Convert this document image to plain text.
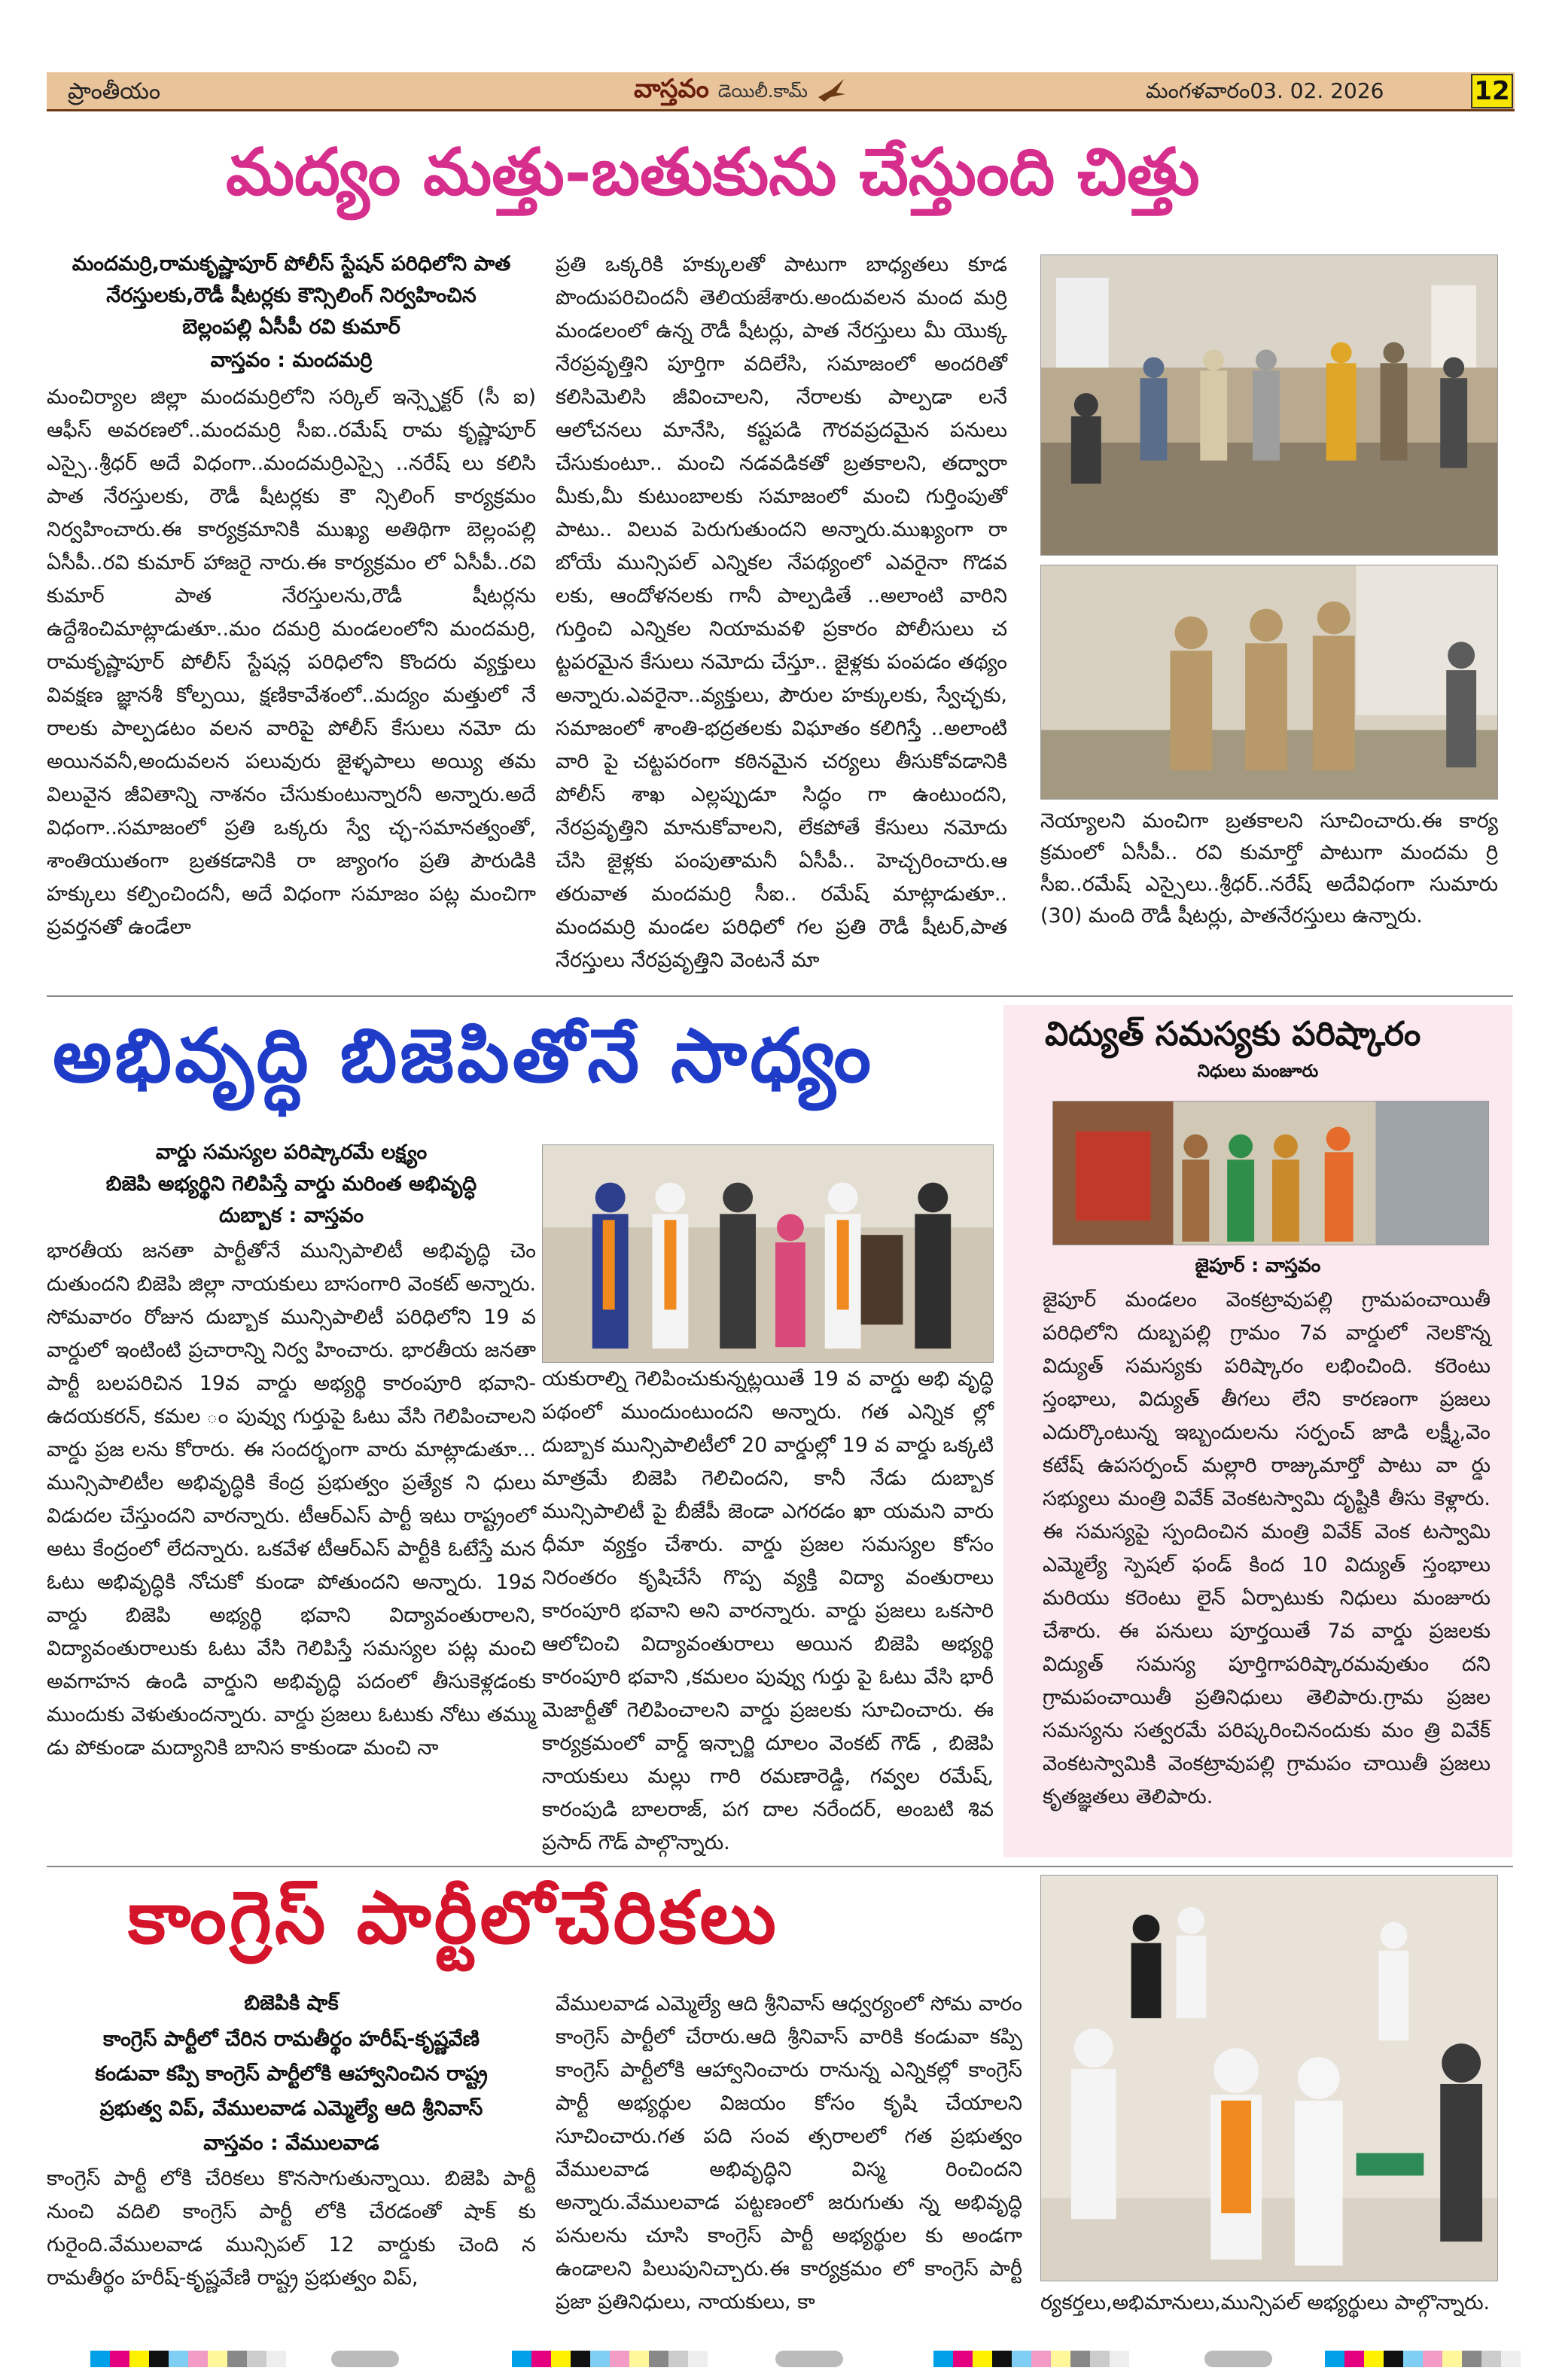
ప్రాంతీయం	వాస్తవం డెయిలీ.కామ్	మంగళవారం03. 02. 2026	12
మద్యం మత్తు-బతుకును చేస్తుంది చిత్తు
మందమర్రి,రామకృష్ణాపూర్ పోలీస్ స్టేషన్ పరిధిలోని పాత
నేరస్తులకు,రౌడీ షీటర్లకు కౌన్సిలింగ్ నిర్వహించిన
బెల్లంపల్లి ఏసీపీ రవి కుమార్
వాస్తవం : మందమర్రి

మంచిర్యాల జిల్లా మందమర్రిలోని సర్కిల్ ఇన్స్పెక్టర్ (సీ ఐ) ఆఫీస్ అవరణలో..మందమర్రి సీఐ..రమేష్ రామ కృష్ణాపూర్ ఎస్సై..శ్రీధర్ అదే విధంగా..మందమర్రిఎస్సై ..నరేష్ లు కలిసి పాత నేరస్తులకు, రౌడీ షీటర్లకు కౌ న్సిలింగ్ కార్యక్రమం నిర్వహించారు.ఈ కార్యక్రమానికి ముఖ్య అతిథిగా బెల్లంపల్లి ఏసీపీ..రవి కుమార్ హాజరై నారు.ఈ కార్యక్రమం లో ఏసీపీ..రవి కుమార్ పాత నేరస్తులను,రౌడీ షీటర్లను ఉద్దేశించిమాట్లాడుతూ..మం దమర్రి మండలంలోని మందమర్రి, రామకృష్ణాపూర్ పోలీస్ స్టేషన్ల పరిధిలోని కొందరు వ్యక్తులు వివక్షణ జ్ఞానశీ కోల్పయి, క్షణికావేశంలో..మద్యం మత్తులో నే రాలకు పాల్పడటం వలన వారిపై పోలీస్ కేసులు నమో దు అయినవనీ,అందువలన పలువురు జైళ్ళపాలు అయ్యి తమ విలువైన జీవితాన్ని నాశనం చేసుకుంటున్నారనీ అన్నారు.అదే విధంగా..సమాజంలో ప్రతి ఒక్కరు స్వే చ్ఛ-సమానత్వంతో, శాంతియుతంగా బ్రతకడానికి రా జ్యాంగం ప్రతి పౌరుడికి హక్కులు కల్పించిందనీ, అదే విధంగా సమాజం పట్ల మంచిగా ప్రవర్తనతో ఉండేలా

ప్రతి ఒక్కరికి హక్కులతో పాటుగా బాధ్యతలు కూడ పొందుపరిచిందనీ తెలియజేశారు.అందువలన మంద మర్రి మండలంలో ఉన్న రౌడీ షీటర్లు, పాత నేరస్తులు మీ యొక్క నేరప్రవృత్తిని పూర్తిగా వదిలేసి, సమాజంలో అందరితో కలిసిమెలిసి జీవించాలని, నేరాలకు పాల్పడా లనే ఆలోచనలు మానేసి, కష్టపడి గౌరవప్రదమైన పనులు చేసుకుంటూ.. మంచి నడవడికతో బ్రతకాలని, తద్వారా మీకు,మీ కుటుంబాలకు సమాజంలో మంచి గుర్తింపుతో పాటు.. విలువ పెరుగుతుందని అన్నారు.ముఖ్యంగా రా బోయే మున్సిపల్ ఎన్నికల నేపథ్యంలో ఎవరైనా గొడవ లకు, ఆందోళనలకు గానీ పాల్పడితే ..అలాంటి వారిని గుర్తించి ఎన్నికల నియామవళి ప్రకారం పోలీసులు చ ట్టపరమైన కేసులు నమోదు చేస్తూ.. జైళ్లకు పంపడం తథ్యం అన్నారు.ఎవరైనా..వ్యక్తులు, పౌరుల హక్కులకు, స్వేచ్ఛకు, సమాజంలో శాంతి-భద్రతలకు విఘాతం కలిగిస్తే ..అలాంటి వారి పై చట్టపరంగా కఠినమైన చర్యలు తీసుకోవడానికి పోలీస్ శాఖ ఎల్లప్పుడూ సిద్ధం గా ఉంటుందని, నేరప్రవృత్తిని మానుకోవాలని, లేకపోతే కేసులు నమోదు చేసి జైళ్లకు పంపుతామనీ ఏసీపీ.. హెచ్చరించారు.ఆ తరువాత మందమర్రి సీఐ.. రమేష్ మాట్లాడుతూ.. మందమర్రి మండల పరిధిలో గల ప్రతి రౌడీ షీటర్,పాత నేరస్తులు నేరప్రవృత్తిని వెంటనే మా

నెయ్యాలని మంచిగా బ్రతకాలని సూచించారు.ఈ కార్య క్రమంలో ఏసీపీ.. రవి కుమార్తో పాటుగా మందమ ర్రి సీఐ..రమేష్ ఎస్సైలు..శ్రీధర్..నరేష్ అదేవిధంగా సుమారు (30) మంది రౌడీ షీటర్లు, పాతనేరస్తులు ఉన్నారు.
అభివృద్ధి బిజెపితోనే సాధ్యం
వార్డు సమస్యల పరిష్కారమే లక్ష్యం
బిజెపి అభ్యర్థిని గెలిపిస్తే వార్డు మరింత అభివృద్ధి
దుబ్బాక : వాస్తవం

భారతీయ జనతా పార్టీతోనే మున్సిపాలిటీ అభివృద్ధి చెం దుతుందని బిజెపి జిల్లా నాయకులు బాసంగారి వెంకట్ అన్నారు. సోమవారం రోజున దుబ్బాక మున్సిపాలిటీ పరిధిలోని 19 వ వార్డులో ఇంటింటి ప్రచారాన్ని నిర్వ హించారు. భారతీయ జనతా పార్టీ బలపరిచిన 19వ వార్డు అభ్యర్థి కారంపూరి భవాని-ఉదయకరన్, కమల ం పువ్వు గుర్తుపై ఓటు వేసి గెలిపించాలని వార్డు ప్రజ లను కోరారు. ఈ సందర్భంగా వారు మాట్లాడుతూ... మున్సిపాలిటీల అభివృద్ధికి కేంద్ర ప్రభుత్వం ప్రత్యేక ని ధులు విడుదల చేస్తుందని వారన్నారు. టీఆర్ఎస్ పార్టీ ఇటు రాష్ట్రంలో అటు కేంద్రంలో లేదన్నారు. ఒకవేళ టీఆర్ఎస్ పార్టీకి ఓటేస్తే మన ఓటు అభివృద్ధికి నోచుకో కుండా పోతుందని అన్నారు. 19వ వార్డు బిజెపి అభ్యర్థి భవాని విద్యావంతురాలని, విద్యావంతురాలుకు ఓటు వేసి గెలిపిస్తే సమస్యల పట్ల మంచి అవగాహన ఉండి వార్డుని అభివృద్ధి పదంలో తీసుకెళ్లడంకు ముందుకు వెళుతుందన్నారు. వార్డు ప్రజలు ఓటుకు నోటు తమ్ము డు పోకుండా మద్యానికి బానిస కాకుండా మంచి నా

యకురాల్ని గెలిపించుకున్నట్లయితే 19 వ వార్డు అభి వృద్ధి పథంలో ముందుంటుందని అన్నారు. గత ఎన్నిక ల్లో దుబ్బాక మున్సిపాలిటీలో 20 వార్డుల్లో 19 వ వార్డు ఒక్కటి మాత్రమే బిజెపి గెలిచిందని, కానీ నేడు దుబ్బాక మున్సిపాలిటీ పై బీజేపీ జెండా ఎగరడం ఖా యమని వారు ధీమా వ్యక్తం చేశారు. వార్డు ప్రజల సమస్యల కోసం నిరంతరం కృషిచేసే గొప్ప వ్యక్తి విద్యా వంతురాలు కారంపూరి భవాని అని వారన్నారు. వార్డు ప్రజలు ఒకసారి ఆలోచించి విద్యావంతురాలు అయిన బిజెపి అభ్యర్థి కారంపూరి భవాని ,కమలం పువ్వు గుర్తు పై ఓటు వేసి భారీ మెజార్టీతో గెలిపించాలని వార్డు ప్రజలకు సూచించారు. ఈ కార్యక్రమంలో వార్డ్ ఇన్చార్జి దూలం వెంకట్ గౌడ్ , బిజెపి నాయకులు మల్లు గారి రమణారెడ్డి, గవ్వల రమేష్, కారంపుడి బాలరాజ్, పగ దాల నరేందర్, అంబటి శివ ప్రసాద్ గౌడ్ పాల్గొన్నారు.

విద్యుత్ సమస్యకు పరిష్కారం
నిధులు మంజూరు
జైపూర్ : వాస్తవం

జైపూర్ మండలం వెంకట్రావుపల్లి గ్రామపంచాయితీ పరిధిలోని దుబ్బపల్లి గ్రామం 7వ వార్డులో నెలకొన్న విద్యుత్ సమస్యకు పరిష్కారం లభించింది. కరెంటు స్తంభాలు, విద్యుత్ తీగలు లేని కారణంగా ప్రజలు ఎదుర్కొంటున్న ఇబ్బందులను సర్పంచ్ జాడి లక్ష్మీ,వెం కటేష్ ఉపసర్పంచ్ మల్లారి రాజ్కుమార్తో పాటు వా ర్డు సభ్యులు మంత్రి వివేక్ వెంకటస్వామి దృష్టికి తీసు కెళ్లారు. ఈ సమస్యపై స్పందించిన మంత్రి వివేక్ వెంక టస్వామి ఎమ్మెల్యే స్పెషల్ ఫండ్ కింద 10 విద్యుత్ స్తంభాలు మరియు కరెంటు లైన్ ఏర్పాటుకు నిధులు మంజూరు చేశారు. ఈ పనులు పూర్తయితే 7వ వార్డు ప్రజలకు విద్యుత్ సమస్య పూర్తిగాపరిష్కారమవుతుం దని గ్రామపంచాయితీ ప్రతినిధులు తెలిపారు.గ్రామ ప్రజల సమస్యను సత్వరమే పరిష్కరించినందుకు మం త్రి వివేక్ వెంకటస్వామికి వెంకట్రావుపల్లి గ్రామపం చాయితీ ప్రజలు కృతజ్ఞతలు తెలిపారు.

కాంగ్రెస్ పార్టీలోచేరికలు
బిజెపికి షాక్
కాంగ్రెస్ పార్టీలో చేరిన రామతీర్థం హరీష్-కృష్ణవేణి
కండువా కప్పి కాంగ్రెస్ పార్టీలోకి ఆహ్వానించిన రాష్ట్ర
ప్రభుత్వ విప్, వేములవాడ ఎమ్మెల్యే ఆది శ్రీనివాస్
వాస్తవం : వేములవాడ

కాంగ్రెస్ పార్టీ లోకి చేరికలు కొనసాగుతున్నాయి. బిజెపి పార్టీ నుంచి వదిలి కాంగ్రెస్ పార్టీ లోకి చేరడంతో షాక్ కు గురైంది.వేములవాడ మున్సిపల్ 12 వార్డుకు చెంది న రామతీర్థం హరీష్-కృష్ణవేణి రాష్ట్ర ప్రభుత్వం విప్,

వేములవాడ ఎమ్మెల్యే ఆది శ్రీనివాస్ ఆధ్వర్యంలో సోమ వారం కాంగ్రెస్ పార్టీలో చేరారు.ఆది శ్రీనివాస్ వారికి కండువా కప్పి కాంగ్రెస్ పార్టీలోకి ఆహ్వానించారు రానున్న ఎన్నికల్లో కాంగ్రెస్ పార్టీ అభ్యర్థుల విజయం కోసం కృషి చేయాలని సూచించారు.గత పది సంవ త్సరాలలో గత ప్రభుత్వం వేములవాడ అభివృద్ధిని విస్మ రించిందని అన్నారు.వేములవాడ పట్టణంలో జరుగుతు న్న అభివృద్ధి పనులను చూసి కాంగ్రెస్ పార్టీ అభ్యర్థుల కు అండగా ఉండాలని పిలుపునిచ్చారు.ఈ కార్యక్రమం లో కాంగ్రెస్ పార్టీ ప్రజా ప్రతినిధులు, నాయకులు, కా	ర్యకర్తలు,అభిమానులు,మున్సిపల్ అభ్యర్థులు పాల్గొన్నారు.
